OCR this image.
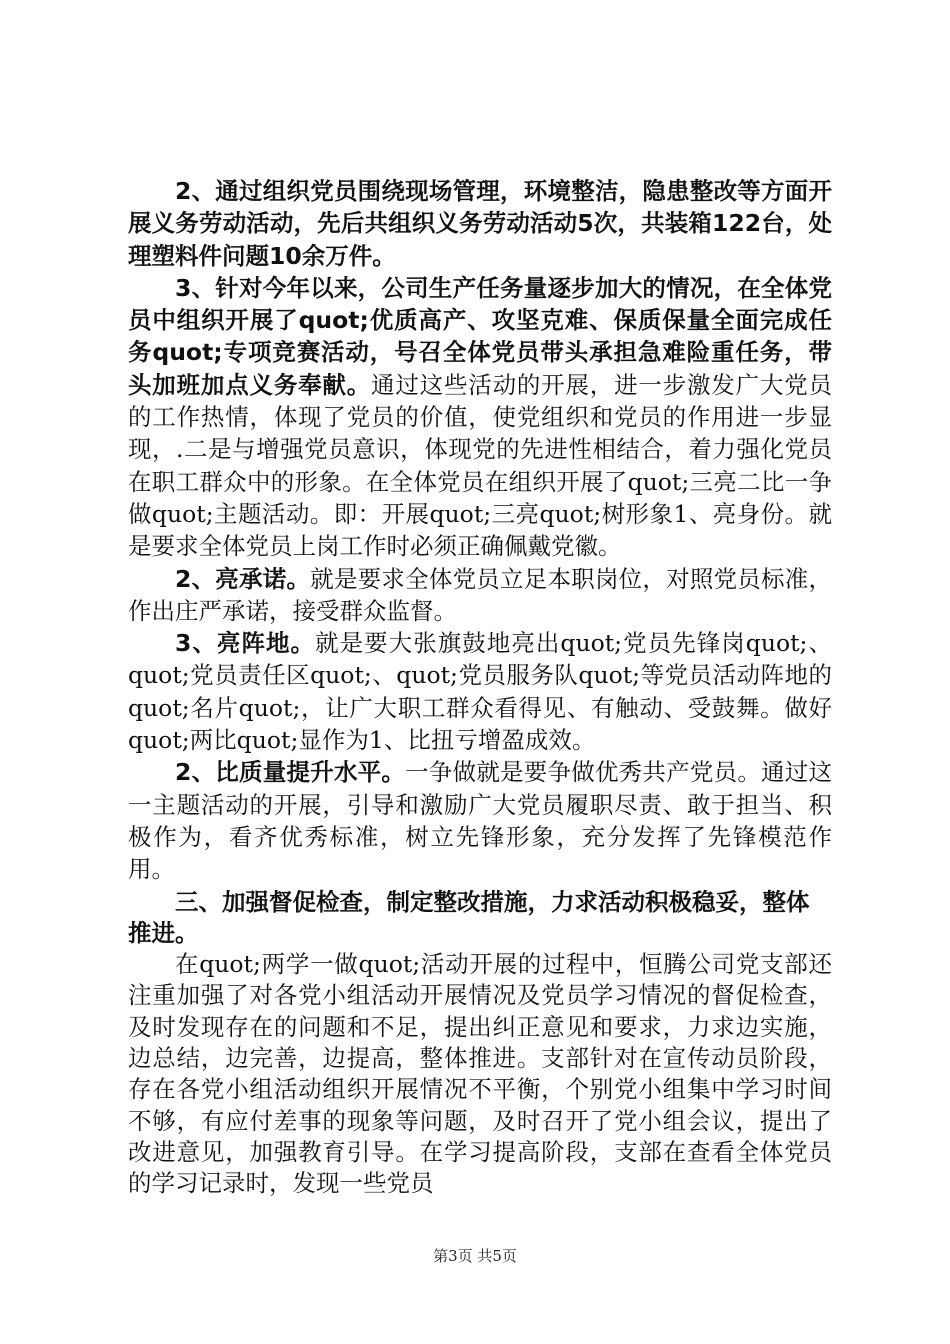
2、通过组织党员围绕现场管理，环境整洁，隐患整改等方面开展义务劳动活动，先后共组织义务劳动活动5次，共装箱122台，处理塑料件问题10余万件。

3、针对今年以来，公司生产任务量逐步加大的情况，在全体党员中组织开展了quot;优质高产、攻坚克难、保质保量全面完成任务quot;专项竞赛活动，号召全体党员带头承担急难险重任务，带头加班加点义务奉献。通过这些活动的开展，进一步激发广大党员的工作热情，体现了党员的价值，使党组织和党员的作用进一步显现，.二是与增强党员意识，体现党的先进性相结合，着力强化党员在职工群众中的形象。在全体党员在组织开展了quot;三亮二比一争做quot;主题活动。即：开展quot;三亮quot;树形象1、亮身份。就是要求全体党员上岗工作时必须正确佩戴党徽。

2、亮承诺。就是要求全体党员立足本职岗位，对照党员标准，作出庄严承诺，接受群众监督。

3、亮阵地。就是要大张旗鼓地亮出quot;党员先锋岗quot;、quot;党员责任区quot;、quot;党员服务队quot;等党员活动阵地的quot;名片quot;，让广大职工群众看得见、有触动、受鼓舞。做好quot;两比quot;显作为1、比扭亏增盈成效。

2、比质量提升水平。一争做就是要争做优秀共产党员。通过这一主题活动的开展，引导和激励广大党员履职尽责、敢于担当、积极作为，看齐优秀标准，树立先锋形象，充分发挥了先锋模范作用。

三、加强督促检查，制定整改措施，力求活动积极稳妥，整体推进。

在quot;两学一做quot;活动开展的过程中，恒腾公司党支部还注重加强了对各党小组活动开展情况及党员学习情况的督促检查，及时发现存在的问题和不足，提出纠正意见和要求，力求边实施，边总结，边完善，边提高，整体推进。支部针对在宣传动员阶段，存在各党小组活动组织开展情况不平衡，个别党小组集中学习时间不够，有应付差事的现象等问题，及时召开了党小组会议，提出了改进意见，加强教育引导。在学习提高阶段，支部在查看全体党员的学习记录时，发现一些党员

第3页 共5页
